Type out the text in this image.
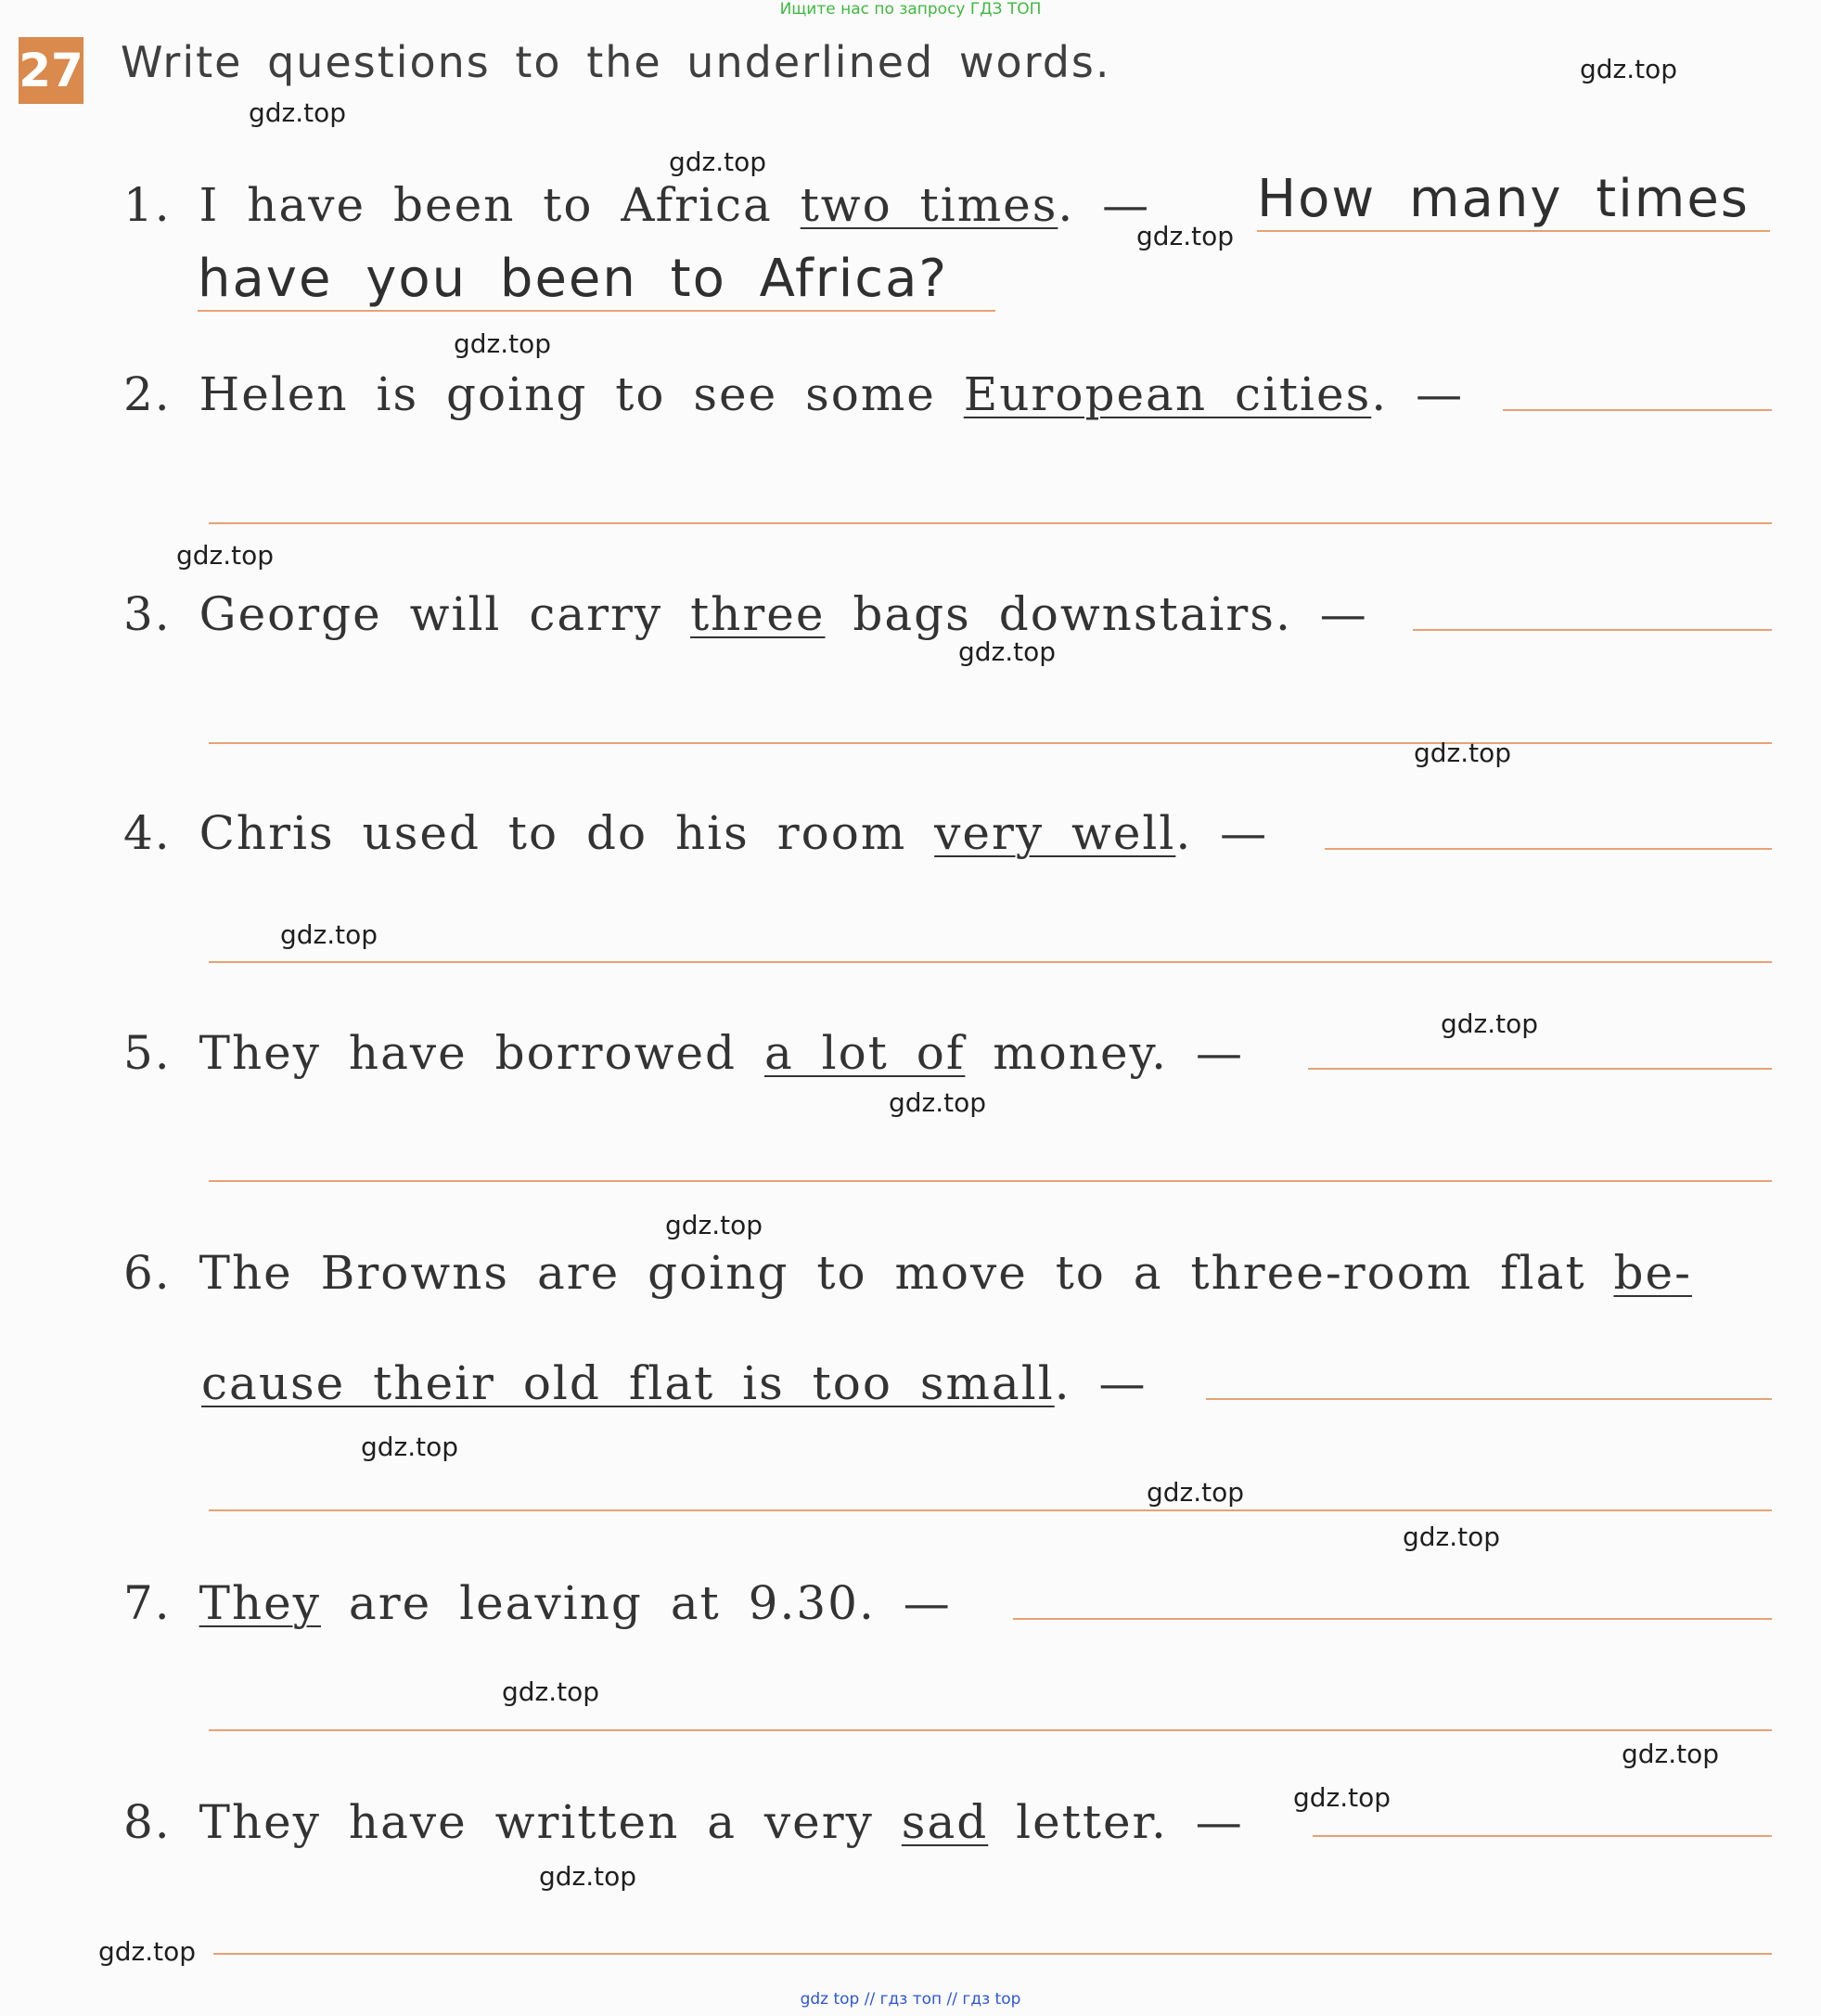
Ищите нас по запросу ГДЗ ТОП
27 Write questions to the underlined words.
1. I have been to Africa two times. — How many times
have you been to Africa?
2. Helen is going to see some European cities. —
3. George will carry three bags downstairs. —
4. Chris used to do his room very well. —
5. They have borrowed a lot of money. —
6. The Browns are going to move to a three-room flat be-
cause their old flat is too small. —
7. They are leaving at 9.30. —
8. They have written a very sad letter. —
gdz.top
gdz.top
gdz.top
gdz.top
gdz.top
gdz.top
gdz.top
gdz.top
gdz.top
gdz.top
gdz.top
gdz.top
gdz.top
gdz.top
gdz.top
gdz.top
gdz.top
gdz.top
gdz.top
gdz.top
gdz top // гдз топ // гдз top
